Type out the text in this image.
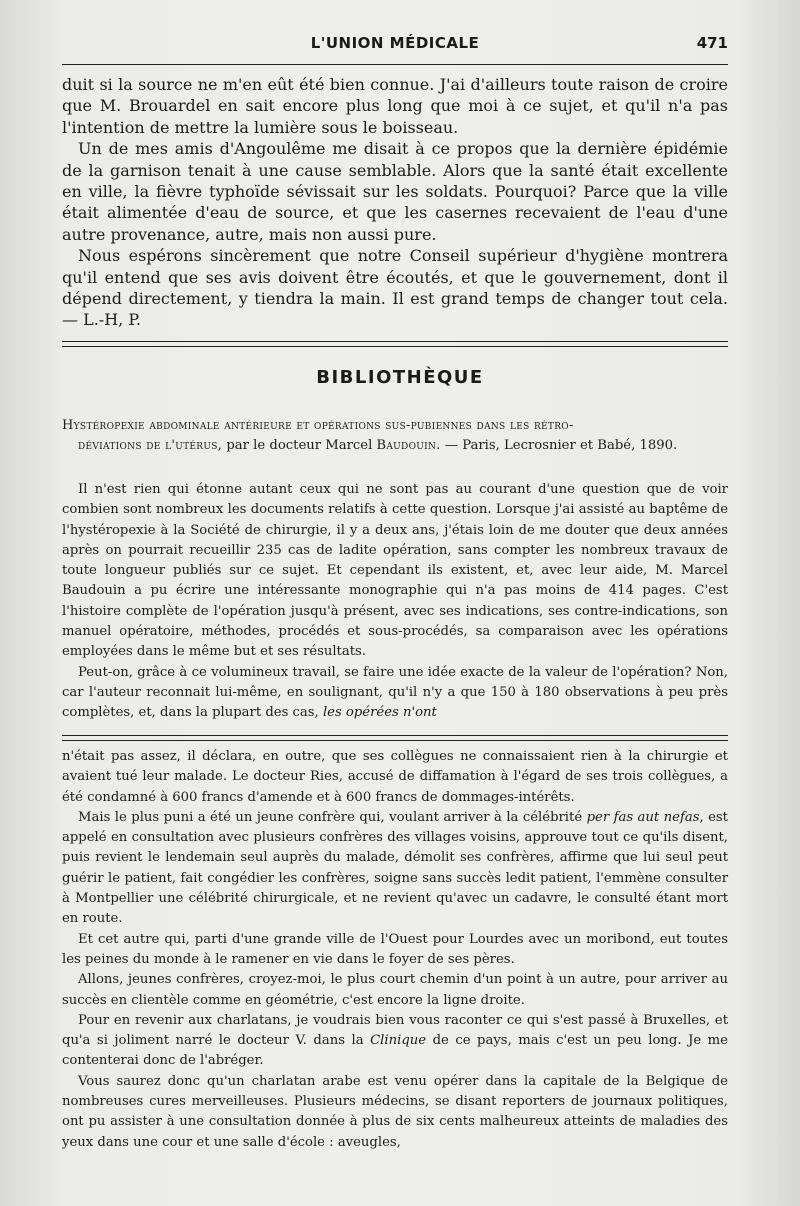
L'UNION MÉDICALE	471

duit si la source ne m'en eût été bien connue. J'ai d'ailleurs toute raison de croire que M. Brouardel en sait encore plus long que moi à ce sujet, et qu'il n'a pas l'intention de mettre la lumière sous le boisseau.

Un de mes amis d'Angoulême me disait à ce propos que la dernière épidémie de la garnison tenait à une cause semblable. Alors que la santé était excellente en ville, la fièvre typhoïde sévissait sur les soldats. Pourquoi? Parce que la ville était alimentée d'eau de source, et que les casernes recevaient de l'eau d'une autre provenance, autre, mais non aussi pure.

Nous espérons sincèrement que notre Conseil supérieur d'hygiène montrera qu'il entend que ses avis doivent être écoutés, et que le gouvernement, dont il dépend directement, y tiendra la main. Il est grand temps de changer tout cela. — L.-H, P.

BIBLIOTHÈQUE

Hystéropexie abdominale antérieure et opérations sus-pubiennes dans les rétro-
déviations de l'utérus, par le docteur Marcel Baudouin. — Paris, Lecrosnier et Babé, 1890.

Il n'est rien qui étonne autant ceux qui ne sont pas au courant d'une question que de voir combien sont nombreux les documents relatifs à cette question. Lorsque j'ai assisté au baptême de l'hystéropexie à la Société de chirurgie, il y a deux ans, j'étais loin de me douter que deux années après on pourrait recueillir 235 cas de ladite opération, sans compter les nombreux travaux de toute longueur publiés sur ce sujet. Et cependant ils existent, et, avec leur aide, M. Marcel Baudouin a pu écrire une intéressante monographie qui n'a pas moins de 414 pages. C'est l'histoire complète de l'opération jusqu'à présent, avec ses indications, ses contre-indications, son manuel opératoire, méthodes, procédés et sous-procédés, sa comparaison avec les opérations employées dans le même but et ses résultats.

Peut-on, grâce à ce volumineux travail, se faire une idée exacte de la valeur de l'opération? Non, car l'auteur reconnait lui-même, en soulignant, qu'il n'y a que 150 à 180 observations à peu près complètes, et, dans la plupart des cas, les opérées n'ont

n'était pas assez, il déclara, en outre, que ses collègues ne connaissaient rien à la chirurgie et avaient tué leur malade. Le docteur Ries, accusé de diffamation à l'égard de ses trois collègues, a été condamné à 600 francs d'amende et à 600 francs de dommages-intérêts.

Mais le plus puni a été un jeune confrère qui, voulant arriver à la célébrité per fas aut nefas, est appelé en consultation avec plusieurs confrères des villages voisins, approuve tout ce qu'ils disent, puis revient le lendemain seul auprès du malade, démolit ses confrères, affirme que lui seul peut guérir le patient, fait congédier les confrères, soigne sans succès ledit patient, l'emmène consulter à Montpellier une célébrité chirurgicale, et ne revient qu'avec un cadavre, le consulté étant mort en route.

Et cet autre qui, parti d'une grande ville de l'Ouest pour Lourdes avec un moribond, eut toutes les peines du monde à le ramener en vie dans le foyer de ses pères.

Allons, jeunes confrères, croyez-moi, le plus court chemin d'un point à un autre, pour arriver au succès en clientèle comme en géométrie, c'est encore la ligne droite.

Pour en revenir aux charlatans, je voudrais bien vous raconter ce qui s'est passé à Bruxelles, et qu'a si joliment narré le docteur V. dans la Clinique de ce pays, mais c'est un peu long. Je me contenterai donc de l'abréger.

Vous saurez donc qu'un charlatan arabe est venu opérer dans la capitale de la Belgique de nombreuses cures merveilleuses. Plusieurs médecins, se disant reporters de journaux politiques, ont pu assister à une consultation donnée à plus de six cents malheureux atteints de maladies des yeux dans une cour et une salle d'école : aveugles,
